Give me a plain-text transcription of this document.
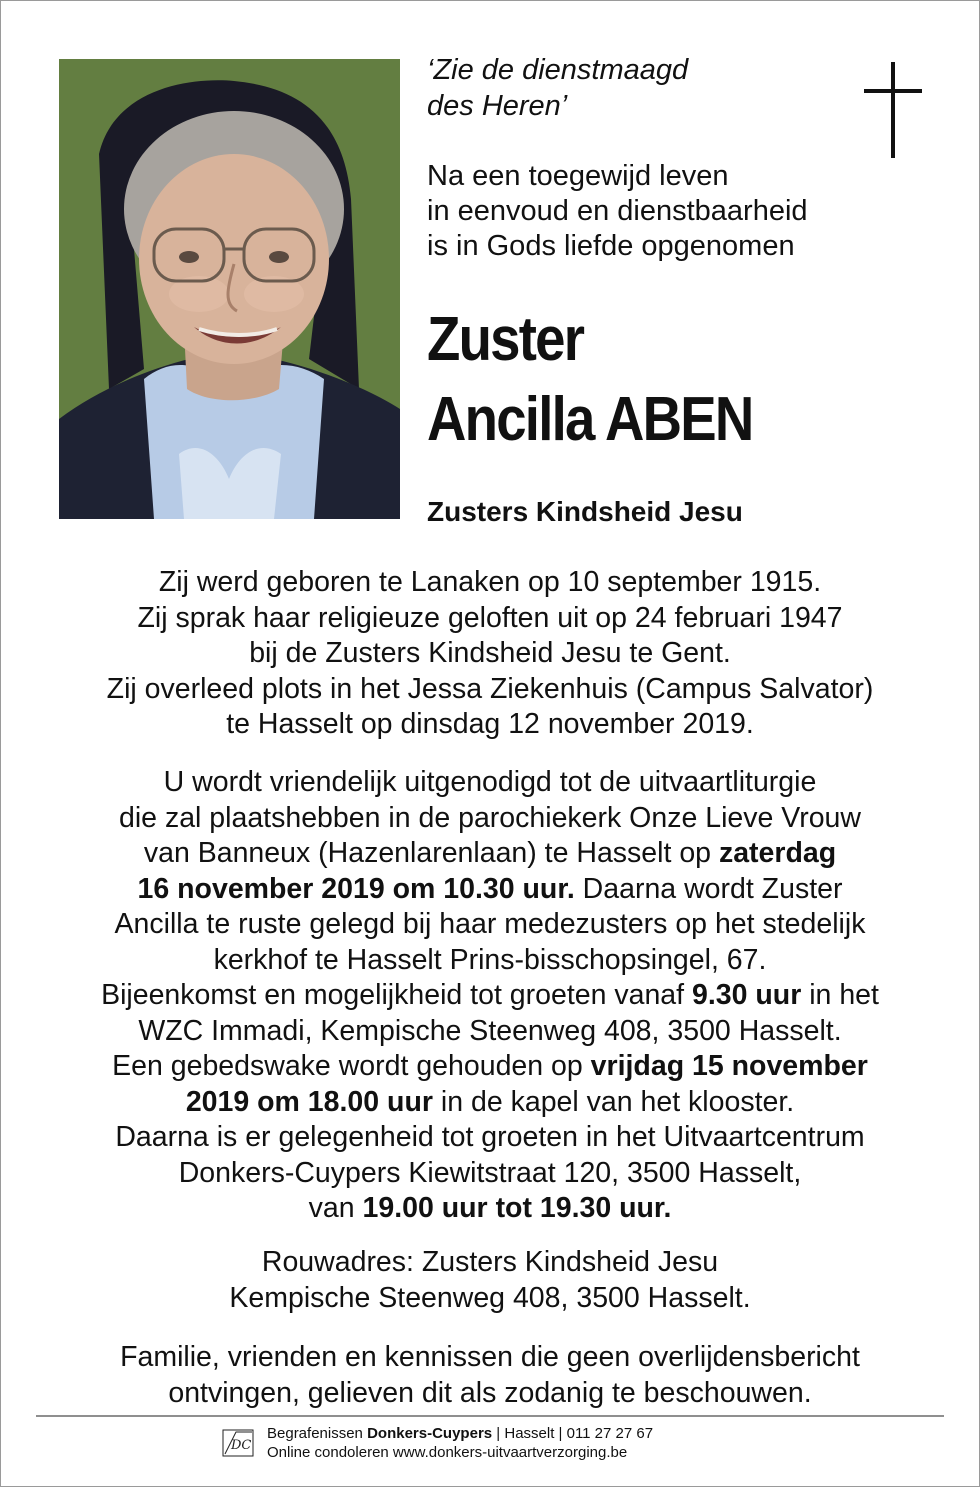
‘Zie de dienstmaagd
des Heren’
Na een toegewijd leven
in eenvoud en dienstbaarheid
is in Gods liefde opgenomen
Zuster
Ancilla ABEN
Zusters Kindsheid Jesu
Zij werd geboren te Lanaken op 10 september 1915.
Zij sprak haar religieuze geloften uit op 24 februari 1947
bij de Zusters Kindsheid Jesu te Gent.
Zij overleed plots in het Jessa Ziekenhuis (Campus Salvator)
te Hasselt op dinsdag 12 november 2019.
U wordt vriendelijk uitgenodigd tot de uitvaartliturgie
die zal plaatshebben in de parochiekerk Onze Lieve Vrouw
van Banneux (Hazenlarenlaan) te Hasselt op zaterdag
16 november 2019 om 10.30 uur. Daarna wordt Zuster
Ancilla te ruste gelegd bij haar medezusters op het stedelijk
kerkhof te Hasselt Prins-bisschopsingel, 67.
Bijeenkomst en mogelijkheid tot groeten vanaf 9.30 uur in het
WZC Immadi, Kempische Steenweg 408, 3500 Hasselt.
Een gebedswake wordt gehouden op vrijdag 15 november
2019 om 18.00 uur in de kapel van het klooster.
Daarna is er gelegenheid tot groeten in het Uitvaartcentrum
Donkers-Cuypers Kiewitstraat 120, 3500 Hasselt,
van 19.00 uur tot 19.30 uur.
Rouwadres: Zusters Kindsheid Jesu
Kempische Steenweg 408, 3500 Hasselt.
Familie, vrienden en kennissen die geen overlijdensbericht
ontvingen, gelieven dit als zodanig te beschouwen.
DC
Begrafenissen Donkers-Cuypers | Hasselt | 011 27 27 67
Online condoleren www.donkers-uitvaartverzorging.be
